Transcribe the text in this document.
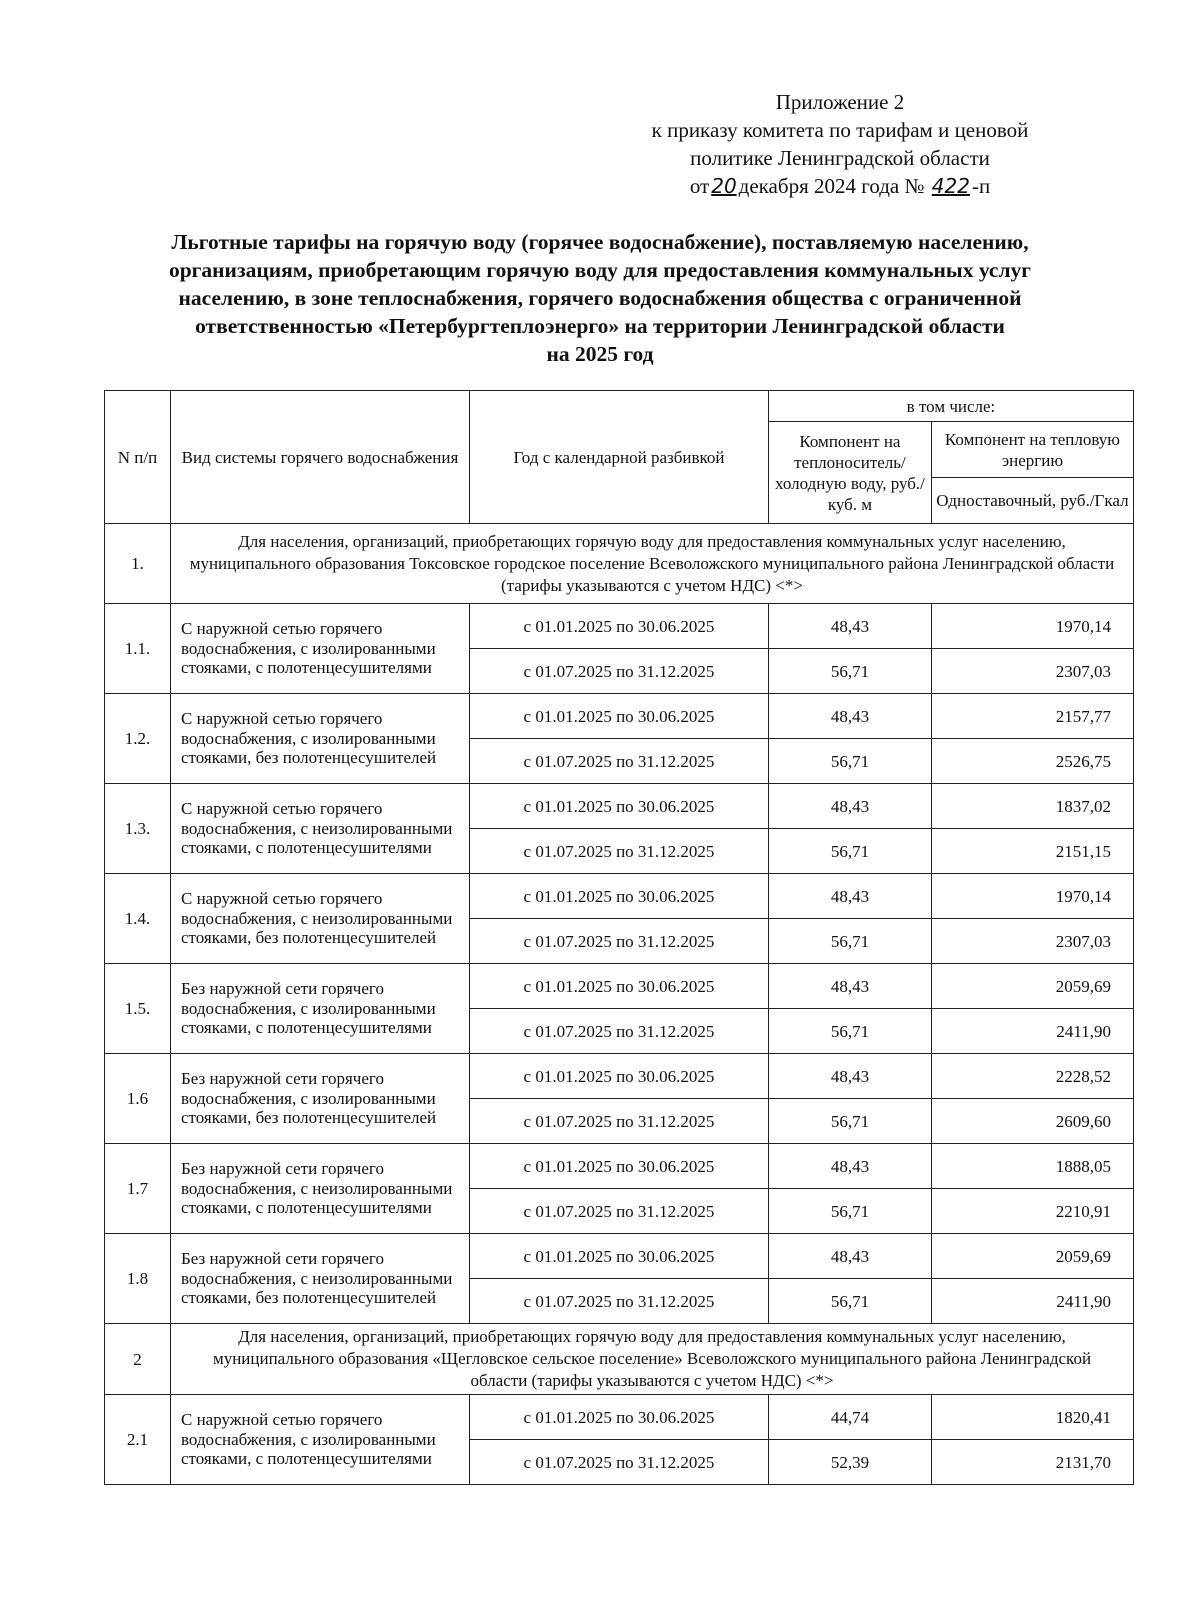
Приложение 2
к приказу комитета по тарифам и ценовой
политике Ленинградской области
от 20декабря 2024 года № 422-п
Льготные тарифы на горячую воду (горячее водоснабжение), поставляемую населению,
организациям, приобретающим горячую воду для предоставления коммунальных услуг
населению, в зоне теплоснабжения, горячего водоснабжения общества с ограниченной
ответственностью «Петербургтеплоэнерго» на территории Ленинградской области
на 2025 год
N п/п	Вид системы горячего водоснабжения	Год с календарной разбивкой	в том числе:	
			Компонент на теплоноситель/ холодную воду, руб./куб. м	Компонент на тепловую энергию
				Одноставочный, руб./Гкал
1.	Для населения, организаций, приобретающих горячую воду для предоставления коммунальных услуг населению, муниципального образования Токсовское городское поселение Всеволожского муниципального района Ленинградской области (тарифы указываются с учетом НДС) <*>			
1.1.	С наружной сетью горячего водоснабжения, с изолированными стояками, с полотенцесушителями	с 01.01.2025 по 30.06.2025	48,43	1970,14
		с 01.07.2025 по 31.12.2025	56,71	2307,03
1.2.	С наружной сетью горячего водоснабжения, с изолированными стояками, без полотенцесушителей	с 01.01.2025 по 30.06.2025	48,43	2157,77
		с 01.07.2025 по 31.12.2025	56,71	2526,75
1.3.	С наружной сетью горячего водоснабжения, с неизолированными стояками, с полотенцесушителями	с 01.01.2025 по 30.06.2025	48,43	1837,02
		с 01.07.2025 по 31.12.2025	56,71	2151,15
1.4.	С наружной сетью горячего водоснабжения, с неизолированными стояками, без полотенцесушителей	с 01.01.2025 по 30.06.2025	48,43	1970,14
		с 01.07.2025 по 31.12.2025	56,71	2307,03
1.5.	Без наружной сети горячего водоснабжения, с изолированными стояками, с полотенцесушителями	с 01.01.2025 по 30.06.2025	48,43	2059,69
		с 01.07.2025 по 31.12.2025	56,71	2411,90
1.6	Без наружной сети горячего водоснабжения, с изолированными стояками, без полотенцесушителей	с 01.01.2025 по 30.06.2025	48,43	2228,52
		с 01.07.2025 по 31.12.2025	56,71	2609,60
1.7	Без наружной сети горячего водоснабжения, с неизолированными стояками, с полотенцесушителями	с 01.01.2025 по 30.06.2025	48,43	1888,05
		с 01.07.2025 по 31.12.2025	56,71	2210,91
1.8	Без наружной сети горячего водоснабжения, с неизолированными стояками, без полотенцесушителей	с 01.01.2025 по 30.06.2025	48,43	2059,69
		с 01.07.2025 по 31.12.2025	56,71	2411,90
2	Для населения, организаций, приобретающих горячую воду для предоставления коммунальных услуг населению, муниципального образования «Щегловское сельское поселение» Всеволожского муниципального района Ленинградской области (тарифы указываются с учетом НДС) <*>			
2.1	С наружной сетью горячего водоснабжения, с изолированными стояками, с полотенцесушителями	с 01.01.2025 по 30.06.2025	44,74	1820,41
		с 01.07.2025 по 31.12.2025	52,39	2131,70
